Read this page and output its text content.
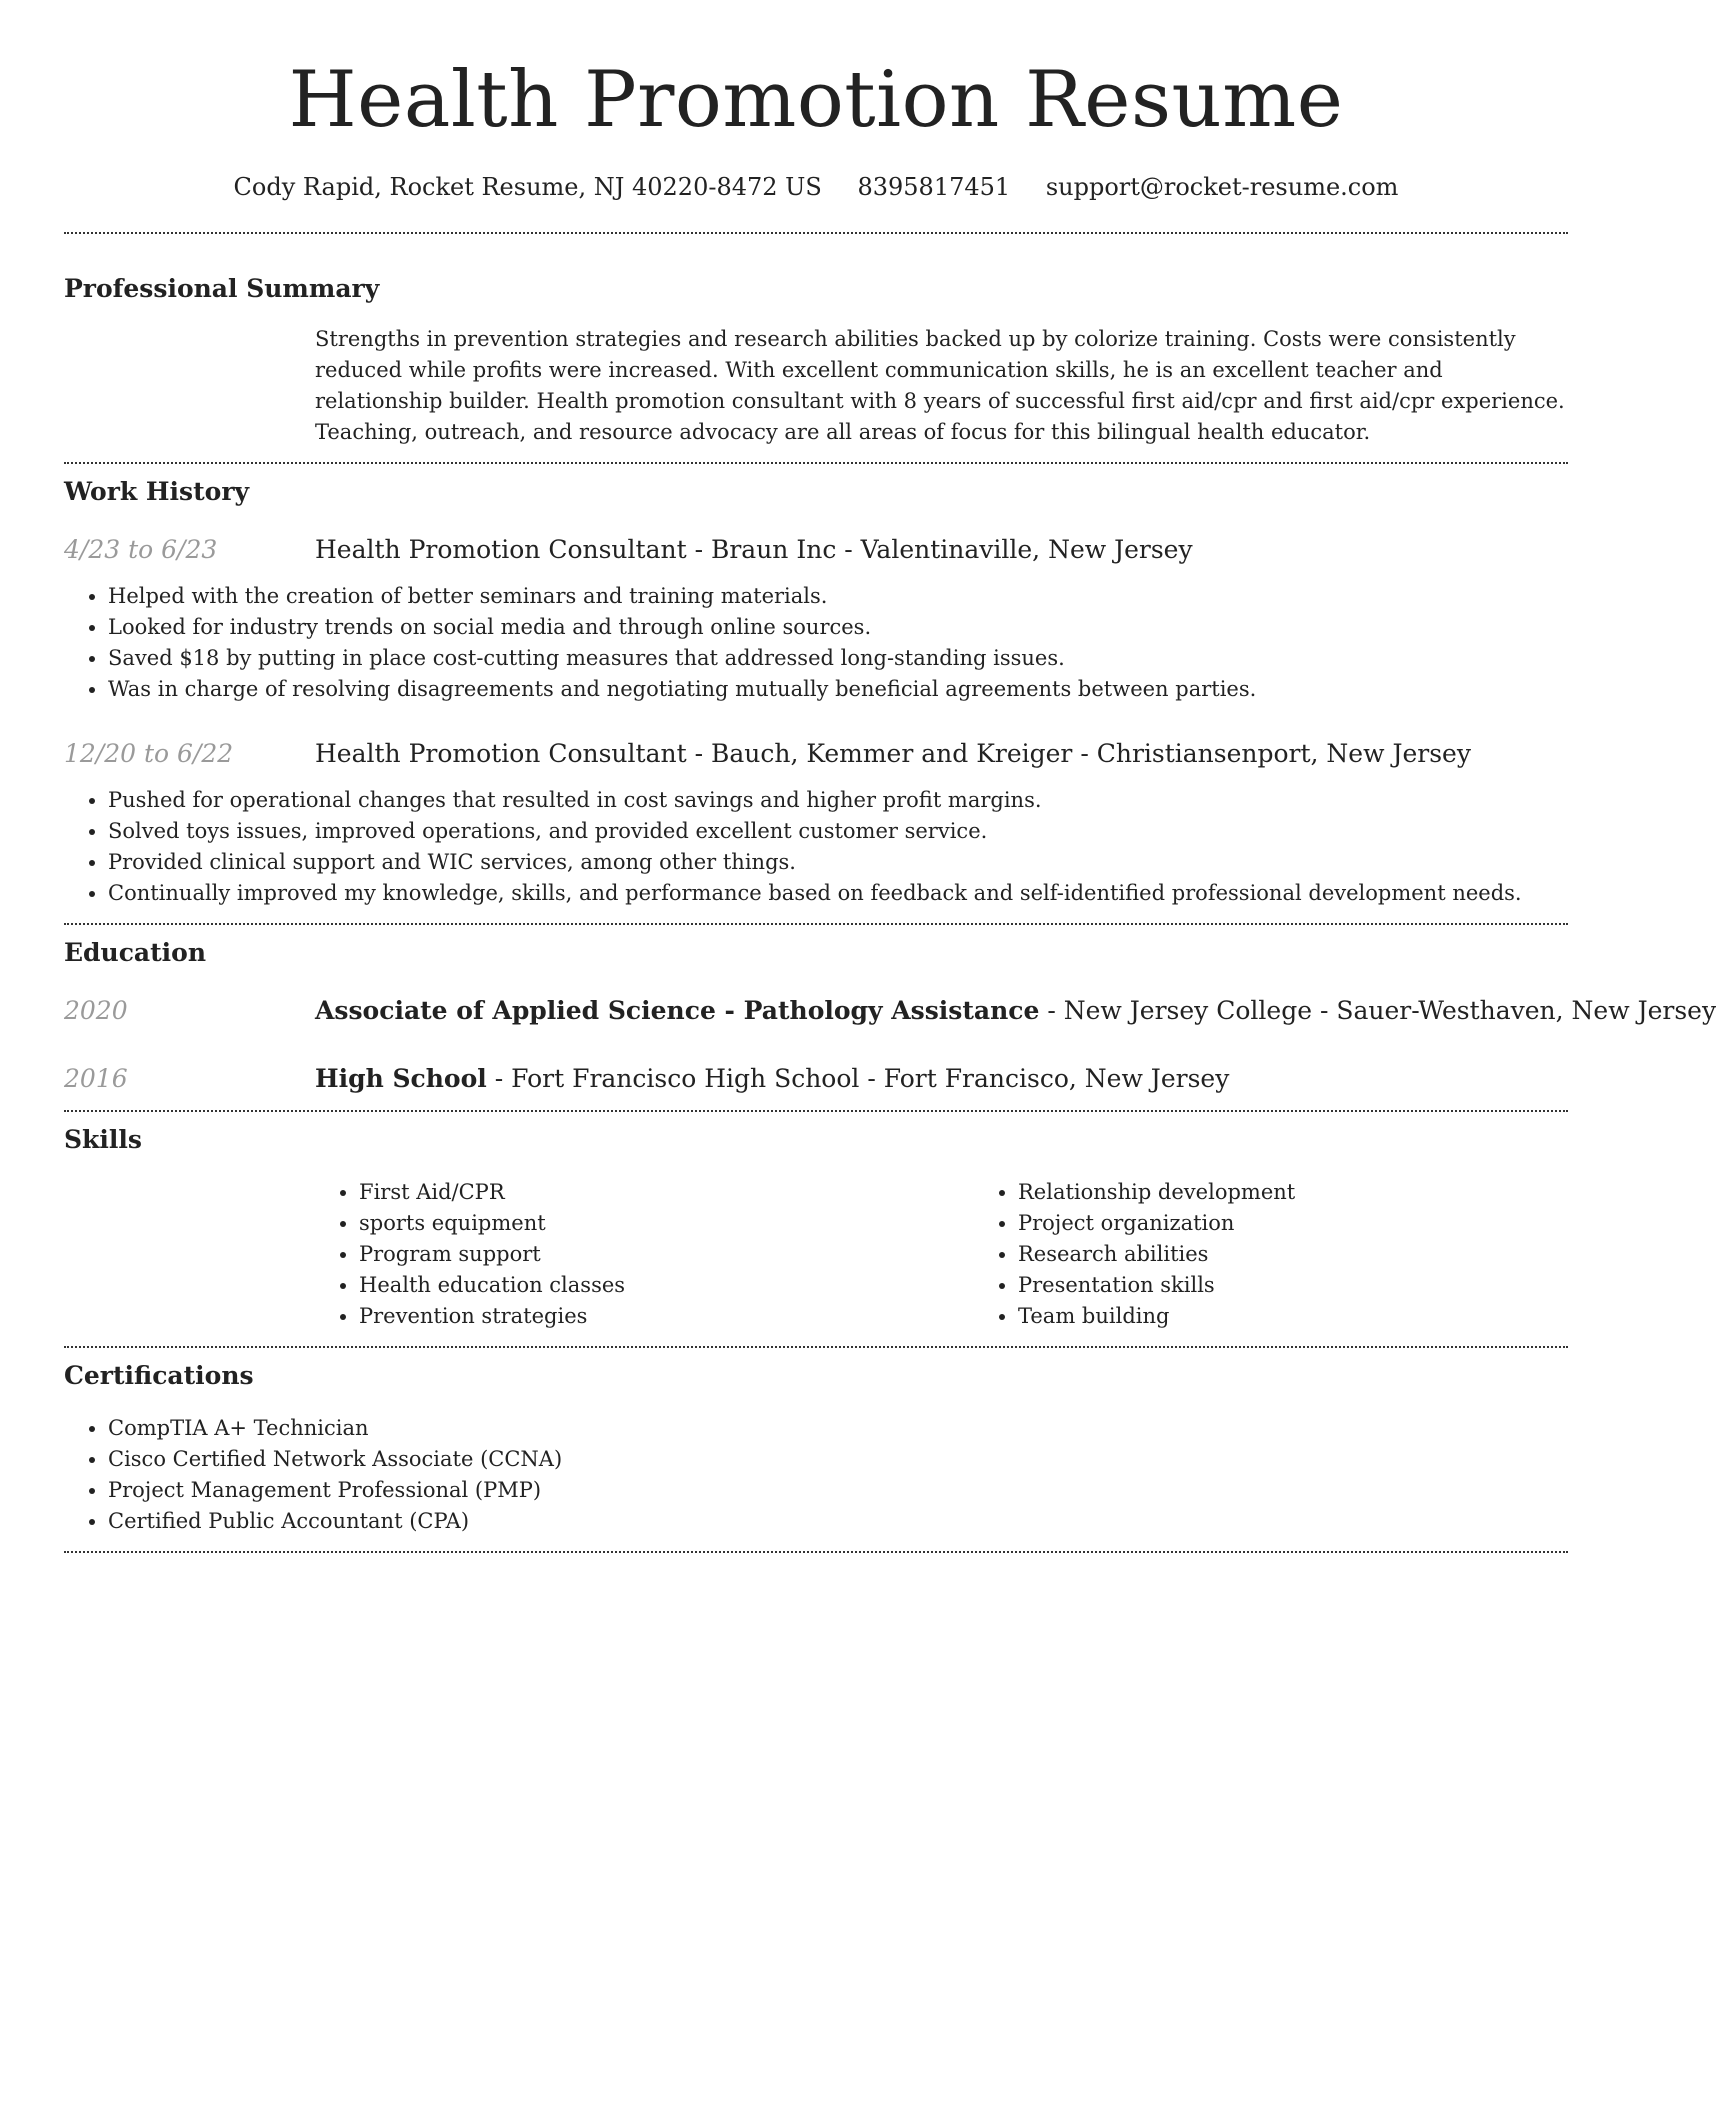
Health Promotion Resume
Cody Rapid, Rocket Resume, NJ 40220-8472 US 8395817451 support@rocket-resume.com
Professional Summary

Strengths in prevention strategies and research abilities backed up by colorize training. Costs were consistently reduced while profits were increased. With excellent communication skills, he is an excellent teacher and relationship builder. Health promotion consultant with 8 years of successful first aid/cpr and first aid/cpr experience. Teaching, outreach, and resource advocacy are all areas of focus for this bilingual health educator.

Work History
4/23 to 6/23	Health Promotion Consultant - Braun Inc - Valentinaville, New Jersey
• Helped with the creation of better seminars and training materials.
• Looked for industry trends on social media and through online sources.
• Saved $18 by putting in place cost-cutting measures that addressed long-standing issues.
• Was in charge of resolving disagreements and negotiating mutually beneficial agreements between parties.
12/20 to 6/22	Health Promotion Consultant - Bauch, Kemmer and Kreiger - Christiansenport, New Jersey
• Pushed for operational changes that resulted in cost savings and higher profit margins.
• Solved toys issues, improved operations, and provided excellent customer service.
• Provided clinical support and WIC services, among other things.
• Continually improved my knowledge, skills, and performance based on feedback and self-identified professional development needs.
Education
2020	Associate of Applied Science - Pathology Assistance - New Jersey College - Sauer-Westhaven, New Jersey
2016	High School - Fort Francisco High School - Fort Francisco, New Jersey
Skills
• First Aid/CPR
• sports equipment
• Program support
• Health education classes
• Prevention strategies
• Relationship development
• Project organization
• Research abilities
• Presentation skills
• Team building
Certifications
• CompTIA A+ Technician
• Cisco Certified Network Associate (CCNA)
• Project Management Professional (PMP)
• Certified Public Accountant (CPA)
